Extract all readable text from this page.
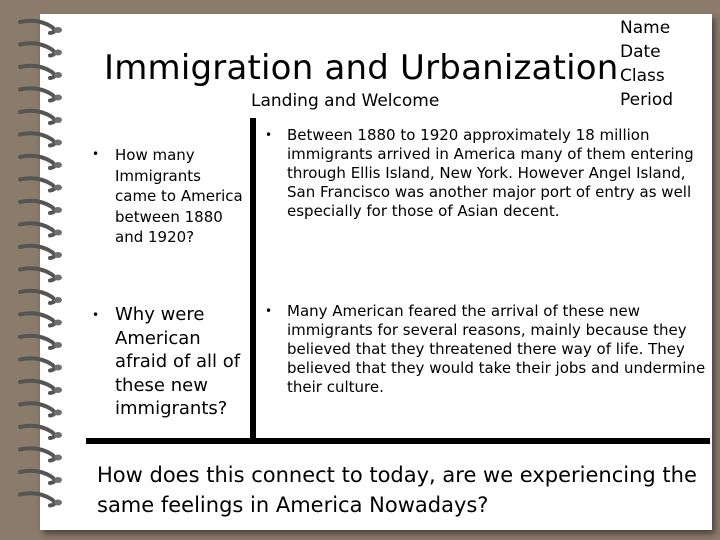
Immigration and Urbanization
Landing and Welcome
Name
Date
Class
Period
• How many Immigrants came to America between 1880 and 1920?
• Why were American afraid of all of these new immigrants?
• Between 1880 to 1920 approximately 18 million immigrants arrived in America many of them entering through Ellis Island, New York. However Angel Island, San Francisco was another major port of entry as well especially for those of Asian decent.
• Many American feared the arrival of these new immigrants for several reasons, mainly because they believed that they threatened there way of life. They believed that they would take their jobs and undermine their culture.
How does this connect to today, are we experiencing the same feelings in America Nowadays?
